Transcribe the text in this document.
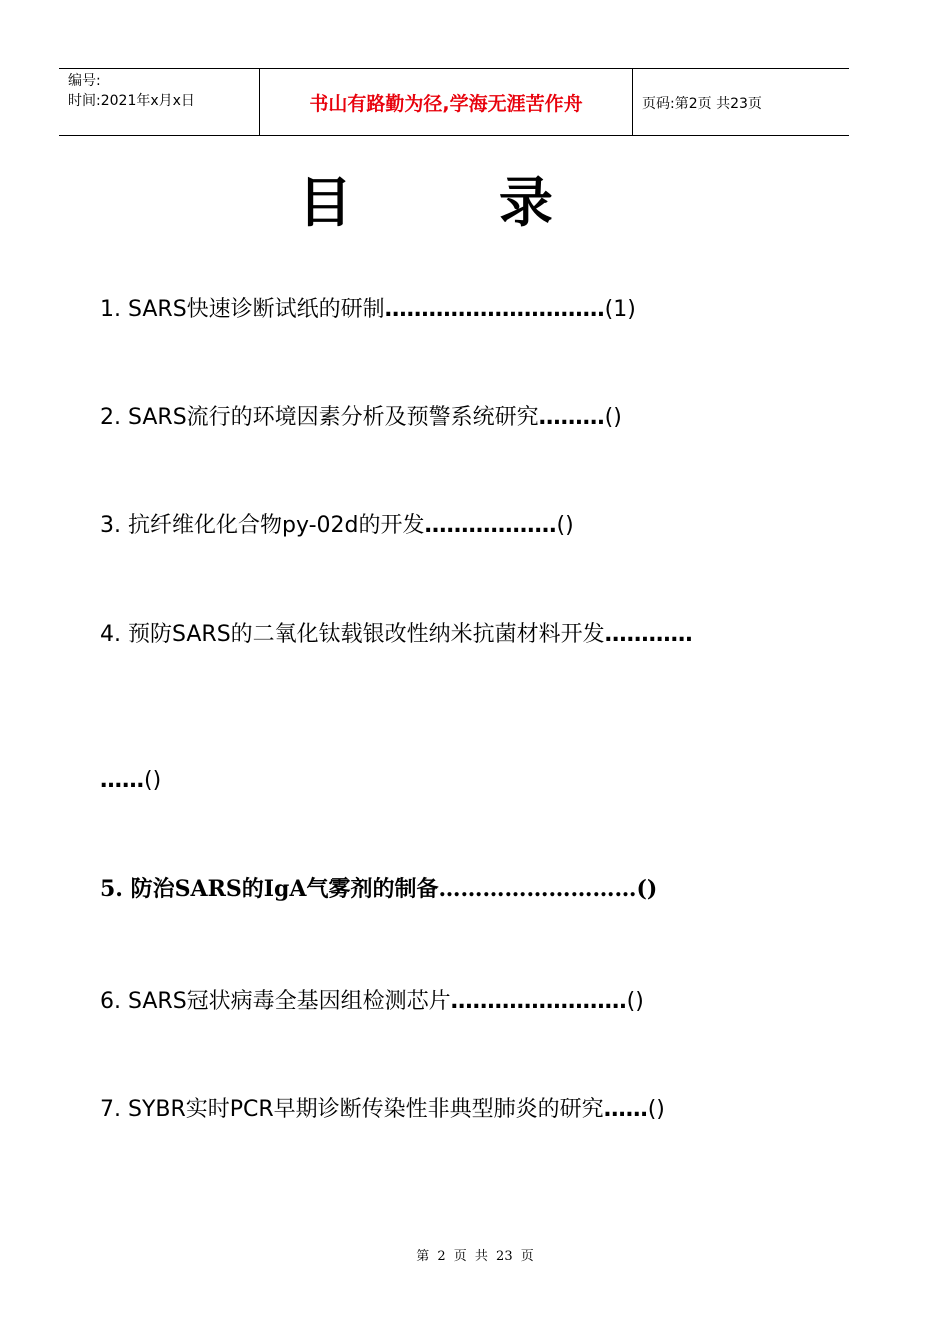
编号:
时间:2021年x月x日	书山有路勤为径,学海无涯苦作舟	页码:第2页 共23页
目 录
1. SARS快速诊断试纸的研制…………………………(1)
2. SARS流行的环境因素分析及预警系统研究………()
3. 抗纤维化化合物py-02d的开发………………()
4. 预防SARS的二氧化钛载银改性纳米抗菌材料开发…………
……()
5. 防治SARS的IgA气雾剂的制备………………………()
6. SARS冠状病毒全基因组检测芯片……………………()
7. SYBR实时PCR早期诊断传染性非典型肺炎的研究……()
第 2 页 共 23 页
